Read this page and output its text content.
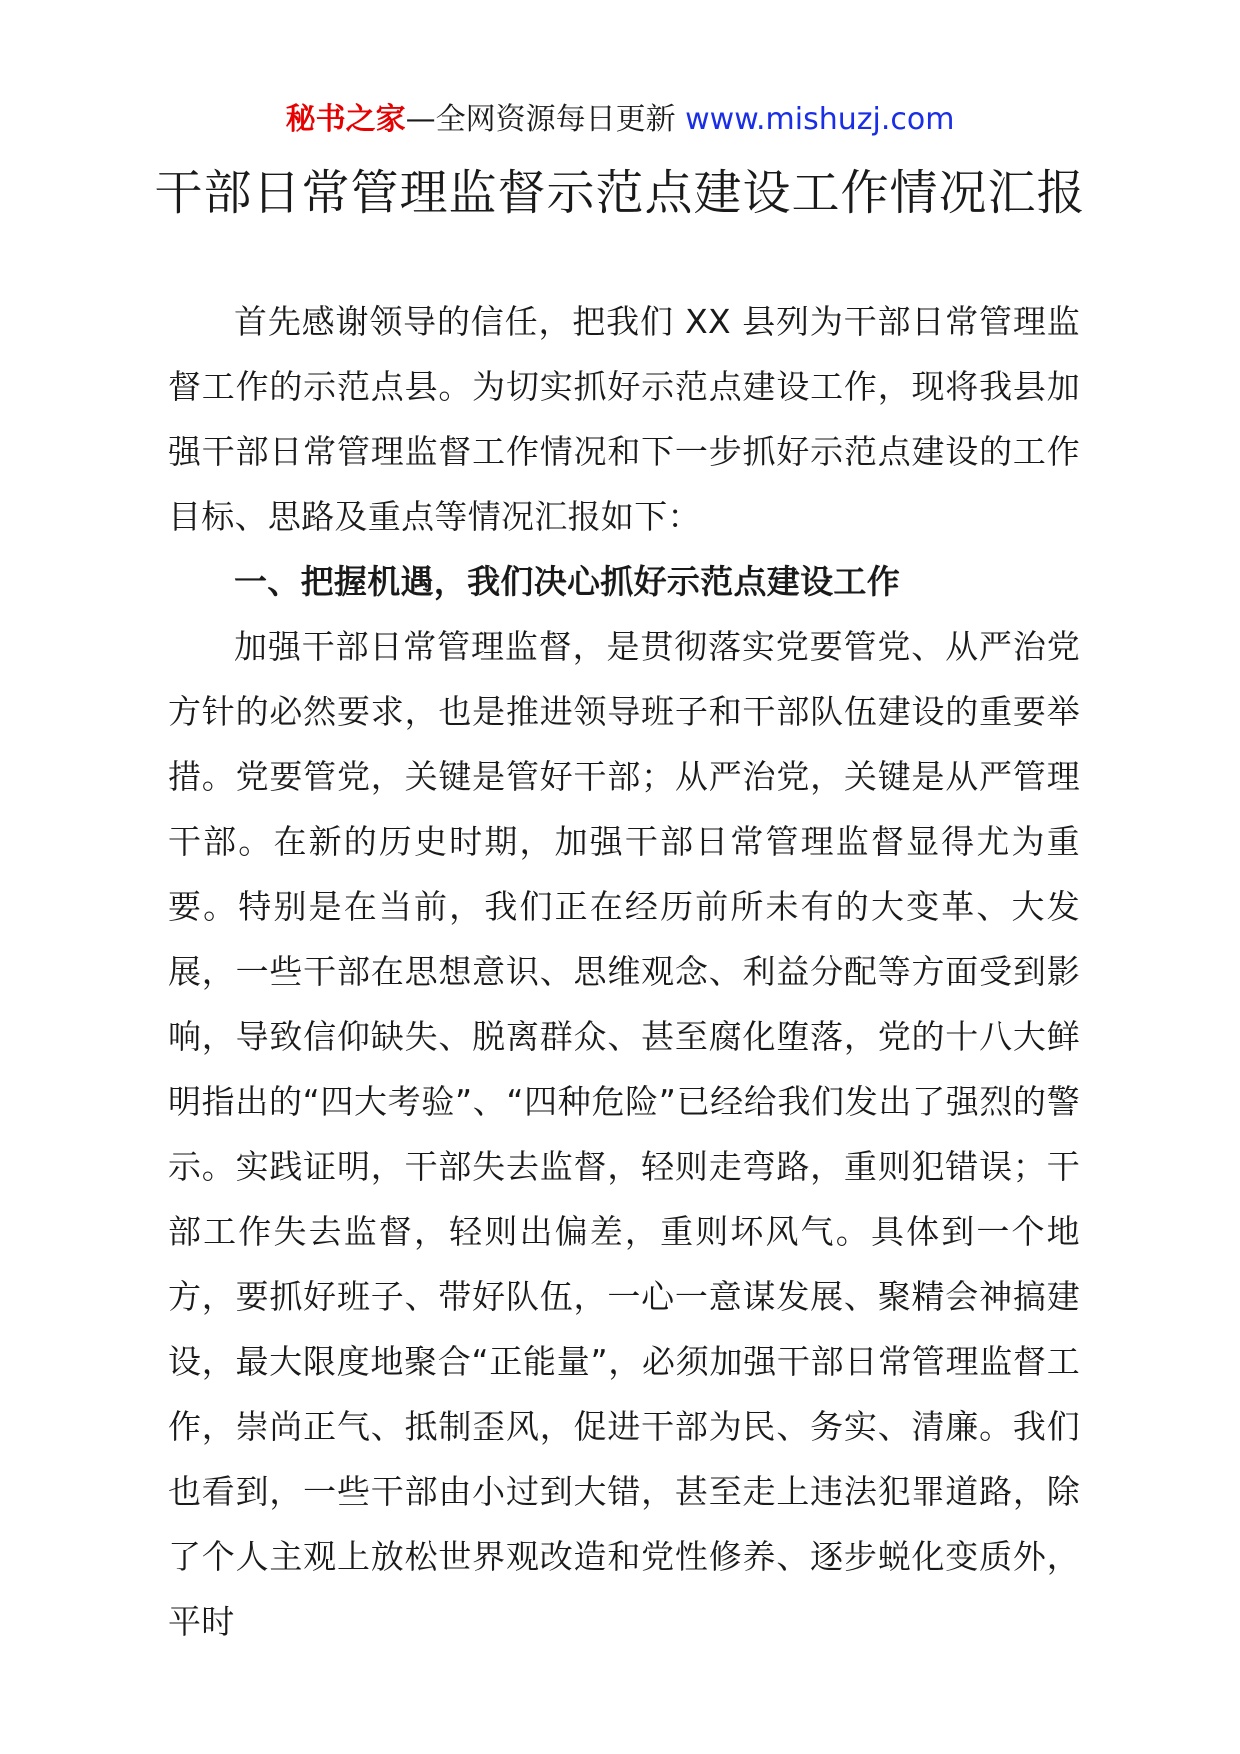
秘书之家—全网资源每日更新 www.mishuzj.com
干部日常管理监督示范点建设工作情况汇报

首先感谢领导的信任，把我们 XX 县列为干部日常管理监督工作的示范点县。为切实抓好示范点建设工作，现将我县加强干部日常管理监督工作情况和下一步抓好示范点建设的工作目标、思路及重点等情况汇报如下：

一、把握机遇，我们决心抓好示范点建设工作

加强干部日常管理监督，是贯彻落实党要管党、从严治党方针的必然要求，也是推进领导班子和干部队伍建设的重要举措。党要管党，关键是管好干部；从严治党，关键是从严管理干部。在新的历史时期，加强干部日常管理监督显得尤为重要。特别是在当前，我们正在经历前所未有的大变革、大发展，一些干部在思想意识、思维观念、利益分配等方面受到影响，导致信仰缺失、脱离群众、甚至腐化堕落，党的十八大鲜明指出的“四大考验”、“四种危险”已经给我们发出了强烈的警示。实践证明，干部失去监督，轻则走弯路，重则犯错误；干部工作失去监督，轻则出偏差，重则坏风气。具体到一个地方，要抓好班子、带好队伍，一心一意谋发展、聚精会神搞建设，最大限度地聚合“正能量”，必须加强干部日常管理监督工作，崇尚正气、抵制歪风，促进干部为民、务实、清廉。我们也看到，一些干部由小过到大错，甚至走上违法犯罪道路，除了个人主观上放松世界观改造和党性修养、逐步蜕化变质外，平时
